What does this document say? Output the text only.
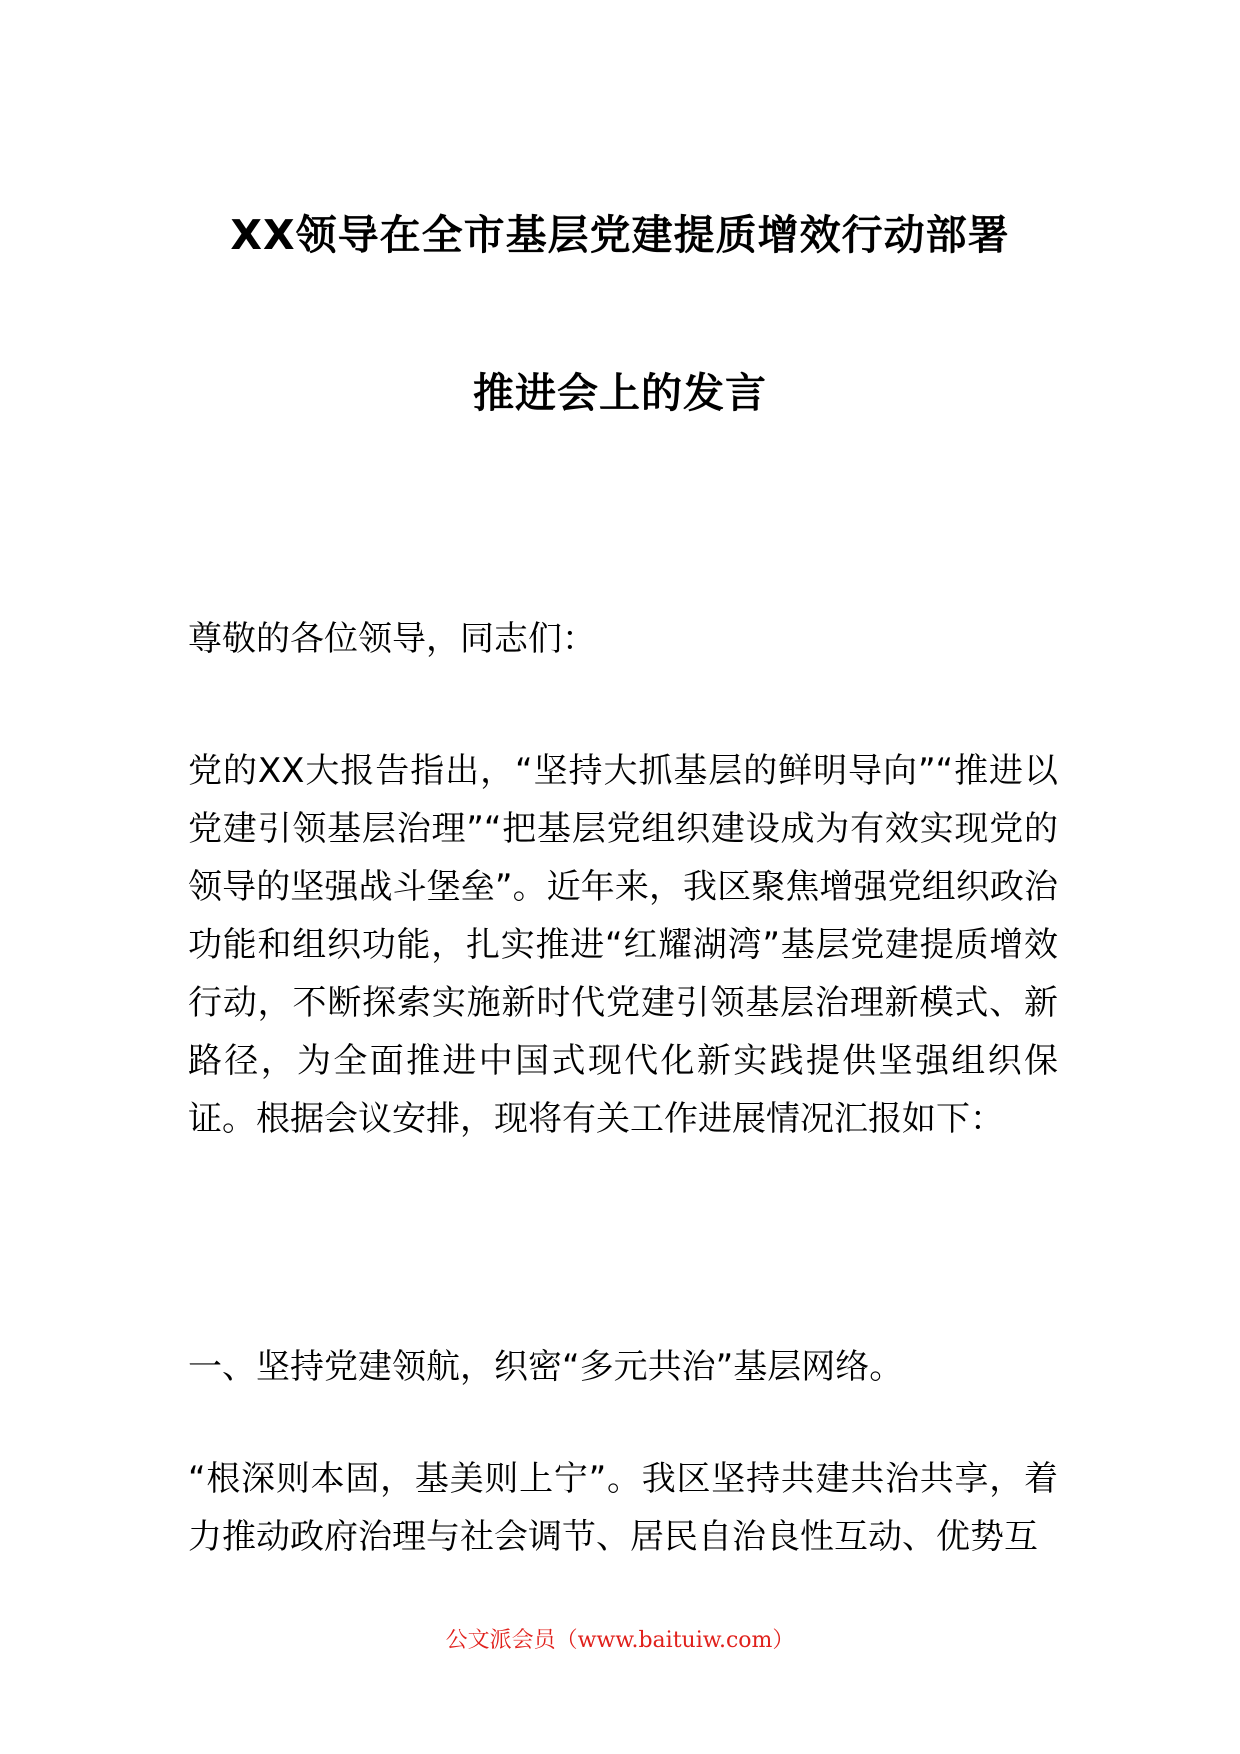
XX领导在全市基层党建提质增效行动部署
推进会上的发言

尊敬的各位领导，同志们：

党的XX大报告指出，“坚持大抓基层的鲜明导向”“推进以党建引领基层治理”“把基层党组织建设成为有效实现党的领导的坚强战斗堡垒”。近年来，我区聚焦增强党组织政治功能和组织功能，扎实推进“红耀湖湾”基层党建提质增效行动，不断探索实施新时代党建引领基层治理新模式、新路径，为全面推进中国式现代化新实践提供坚强组织保证。根据会议安排，现将有关工作进展情况汇报如下：

一、坚持党建领航，织密“多元共治”基层网络。

“根深则本固，基美则上宁”。我区坚持共建共治共享，着力推动政府治理与社会调节、居民自治良性互动、优势互

公文派会员（www.baituiw.com）
